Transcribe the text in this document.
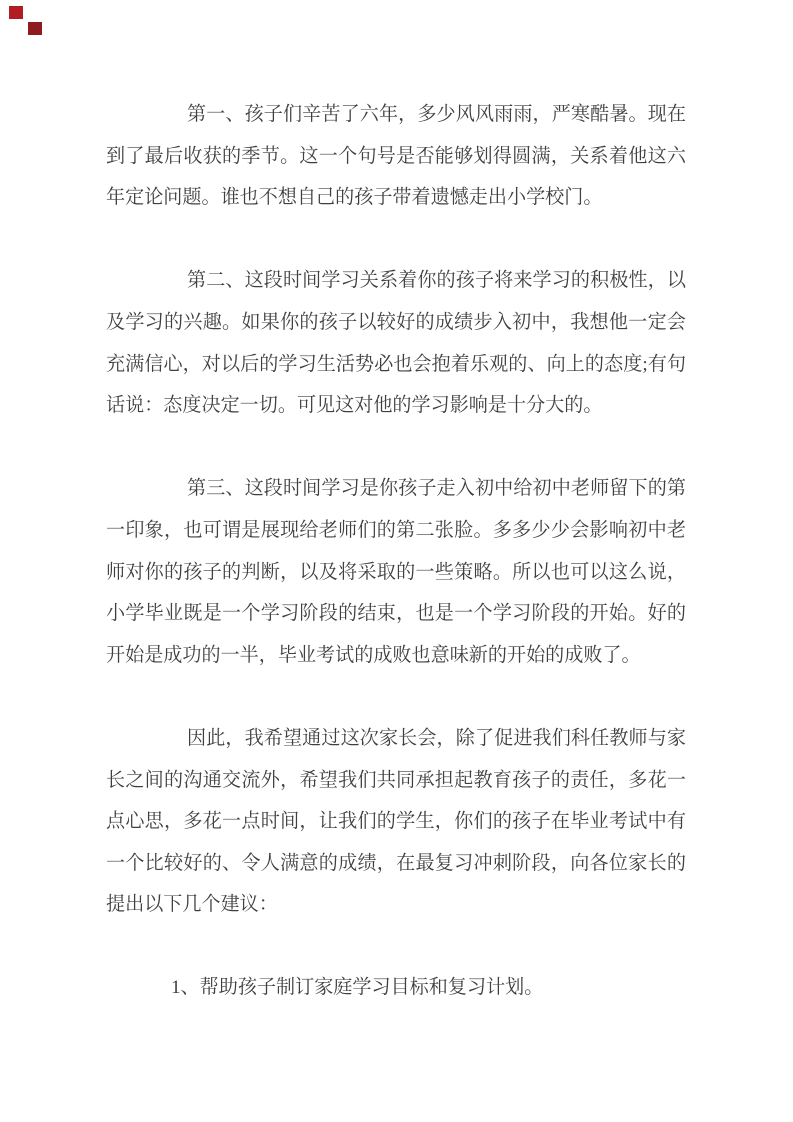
第一、孩子们辛苦了六年，多少风风雨雨，严寒酷暑。现在到了最后收获的季节。这一个句号是否能够划得圆满，关系着他这六年定论问题。谁也不想自己的孩子带着遗憾走出小学校门。

第二、这段时间学习关系着你的孩子将来学习的积极性，以及学习的兴趣。如果你的孩子以较好的成绩步入初中，我想他一定会充满信心，对以后的学习生活势必也会抱着乐观的、向上的态度;有句话说：态度决定一切。可见这对他的学习影响是十分大的。

第三、这段时间学习是你孩子走入初中给初中老师留下的第一印象，也可谓是展现给老师们的第二张脸。多多少少会影响初中老师对你的孩子的判断，以及将采取的一些策略。所以也可以这么说，小学毕业既是一个学习阶段的结束，也是一个学习阶段的开始。好的开始是成功的一半，毕业考试的成败也意味新的开始的成败了。

因此，我希望通过这次家长会，除了促进我们科任教师与家长之间的沟通交流外，希望我们共同承担起教育孩子的责任，多花一点心思，多花一点时间，让我们的学生，你们的孩子在毕业考试中有一个比较好的、令人满意的成绩，在最复习冲刺阶段，向各位家长的提出以下几个建议：

1、帮助孩子制订家庭学习目标和复习计划。
